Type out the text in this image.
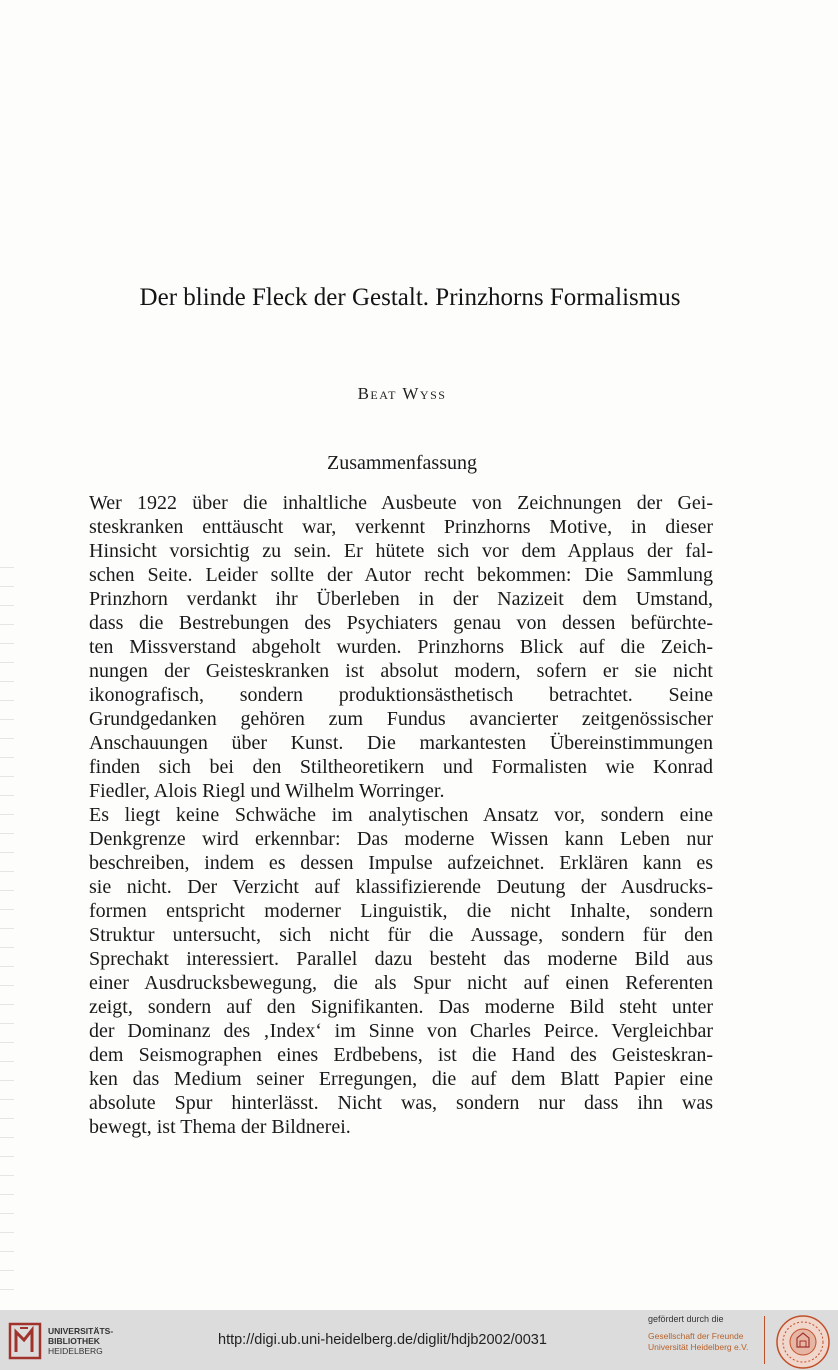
Der blinde Fleck der Gestalt. Prinzhorns Formalismus
Beat Wyss
Zusammenfassung
Wer 1922 über die inhaltliche Ausbeute von Zeichnungen der Gei-
steskranken enttäuscht war, verkennt Prinzhorns Motive, in dieser
Hinsicht vorsichtig zu sein. Er hütete sich vor dem Applaus der fal-
schen Seite. Leider sollte der Autor recht bekommen: Die Sammlung
Prinzhorn verdankt ihr Überleben in der Nazizeit dem Umstand,
dass die Bestrebungen des Psychiaters genau von dessen befürchte-
ten Missverstand abgeholt wurden. Prinzhorns Blick auf die Zeich-
nungen der Geisteskranken ist absolut modern, sofern er sie nicht
ikonografisch, sondern produktionsästhetisch betrachtet. Seine
Grundgedanken gehören zum Fundus avancierter zeitgenössischer
Anschauungen über Kunst. Die markantesten Übereinstimmungen
finden sich bei den Stiltheoretikern und Formalisten wie Konrad
Fiedler, Alois Riegl und Wilhelm Worringer.
Es liegt keine Schwäche im analytischen Ansatz vor, sondern eine
Denkgrenze wird erkennbar: Das moderne Wissen kann Leben nur
beschreiben, indem es dessen Impulse aufzeichnet. Erklären kann es
sie nicht. Der Verzicht auf klassifizierende Deutung der Ausdrucks-
formen entspricht moderner Linguistik, die nicht Inhalte, sondern
Struktur untersucht, sich nicht für die Aussage, sondern für den
Sprechakt interessiert. Parallel dazu besteht das moderne Bild aus
einer Ausdrucksbewegung, die als Spur nicht auf einen Referenten
zeigt, sondern auf den Signifikanten. Das moderne Bild steht unter
der Dominanz des ‚Index‘ im Sinne von Charles Peirce. Vergleichbar
dem Seismographen eines Erdbebens, ist die Hand des Geisteskran-
ken das Medium seiner Erregungen, die auf dem Blatt Papier eine
absolute Spur hinterlässt. Nicht was, sondern nur dass ihn was
bewegt, ist Thema der Bildnerei.
UNIVERSITÄTS-
BIBLIOTHEK
HEIDELBERG
http://digi.ub.uni-heidelberg.de/diglit/hdjb2002/0031
gefördert durch die
Gesellschaft der Freunde
Universität Heidelberg e.V.
